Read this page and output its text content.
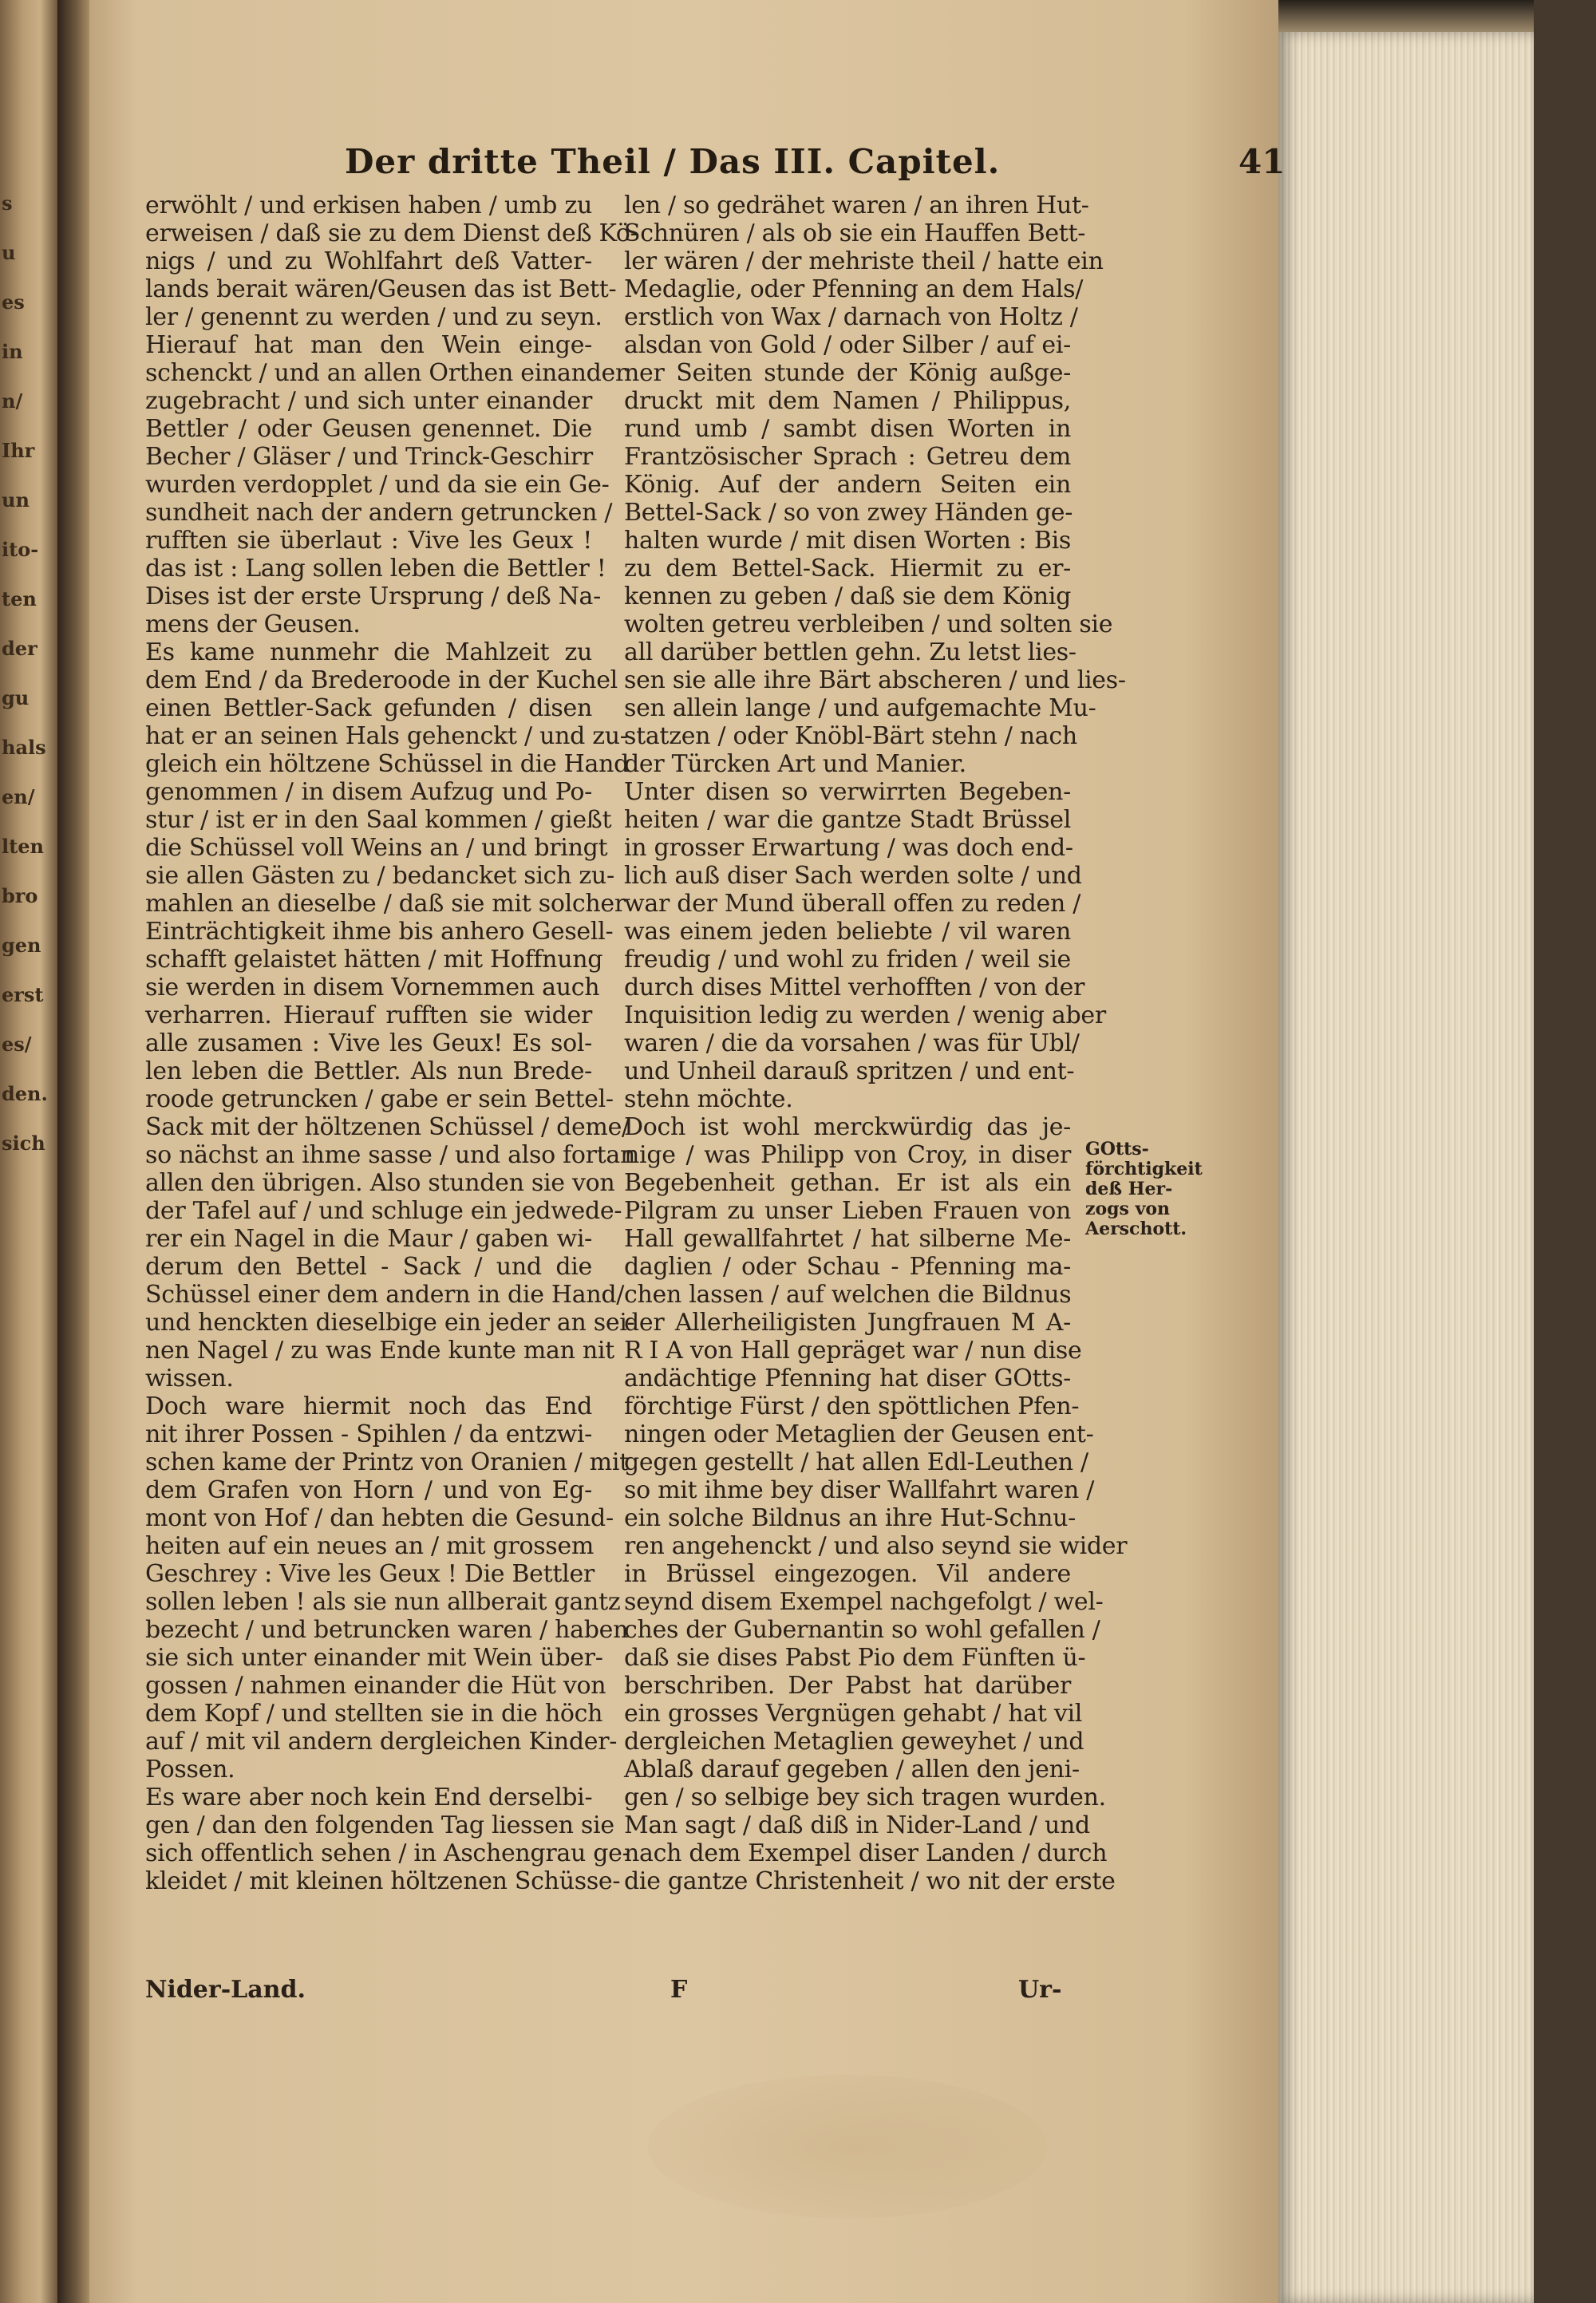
s
u
es
in
n/
Ihr
un
ito-
ten
der
gu
hals
en/
lten
bro
gen
erst
es/
den.
sich
Der dritte Theil / Das III. Capitel.	41
erwöhlt / und erkisen haben / umb zu
erweisen / daß sie zu dem Dienst deß Kö-
nigs / und zu Wohlfahrt deß Vatter-
lands berait wären/Geusen das ist Bett-
ler / genennt zu werden / und zu seyn.
Hierauf hat man den Wein einge-
schenckt / und an allen Orthen einander
zugebracht / und sich unter einander
Bettler / oder Geusen genennet. Die
Becher / Gläser / und Trinck-Geschirr
wurden verdopplet / und da sie ein Ge-
sundheit nach der andern getruncken /
rufften sie überlaut : Vive les Geux !
das ist : Lang sollen leben die Bettler !
Dises ist der erste Ursprung / deß Na-
mens der Geusen.
Es kame nunmehr die Mahlzeit zu
dem End / da Brederoode in der Kuchel
einen Bettler-Sack gefunden / disen
hat er an seinen Hals gehenckt / und zu-
gleich ein höltzene Schüssel in die Hand
genommen / in disem Aufzug und Po-
stur / ist er in den Saal kommen / gießt
die Schüssel voll Weins an / und bringt
sie allen Gästen zu / bedancket sich zu-
mahlen an dieselbe / daß sie mit solcher
Einträchtigkeit ihme bis anhero Gesell-
schafft gelaistet hätten / mit Hoffnung
sie werden in disem Vornemmen auch
verharren. Hierauf rufften sie wider
alle zusamen : Vive les Geux! Es sol-
len leben die Bettler. Als nun Brede-
roode getruncken / gabe er sein Bettel-
Sack mit der höltzenen Schüssel / deme/
so nächst an ihme sasse / und also fortan
allen den übrigen. Also stunden sie von
der Tafel auf / und schluge ein jedwede-
rer ein Nagel in die Maur / gaben wi-
derum den Bettel - Sack / und die
Schüssel einer dem andern in die Hand/
und henckten dieselbige ein jeder an sei-
nen Nagel / zu was Ende kunte man nit
wissen.
Doch ware hiermit noch das End
nit ihrer Possen - Spihlen / da entzwi-
schen kame der Printz von Oranien / mit
dem Grafen von Horn / und von Eg-
mont von Hof / dan hebten die Gesund-
heiten auf ein neues an / mit grossem
Geschrey : Vive les Geux ! Die Bettler
sollen leben ! als sie nun allberait gantz
bezecht / und betruncken waren / haben
sie sich unter einander mit Wein über-
gossen / nahmen einander die Hüt von
dem Kopf / und stellten sie in die höch
auf / mit vil andern dergleichen Kinder-
Possen.
Es ware aber noch kein End derselbi-
gen / dan den folgenden Tag liessen sie
sich offentlich sehen / in Aschengrau ge-
kleidet / mit kleinen höltzenen Schüsse-
len / so gedrähet waren / an ihren Hut-
Schnüren / als ob sie ein Hauffen Bett-
ler wären / der mehriste theil / hatte ein
Medaglie, oder Pfenning an dem Hals/
erstlich von Wax / darnach von Holtz /
alsdan von Gold / oder Silber / auf ei-
ner Seiten stunde der König außge-
druckt mit dem Namen / Philippus,
rund umb / sambt disen Worten in
Frantzösischer Sprach : Getreu dem
König. Auf der andern Seiten ein
Bettel-Sack / so von zwey Händen ge-
halten wurde / mit disen Worten : Bis
zu dem Bettel-Sack. Hiermit zu er-
kennen zu geben / daß sie dem König
wolten getreu verbleiben / und solten sie
all darüber bettlen gehn. Zu letst lies-
sen sie alle ihre Bärt abscheren / und lies-
sen allein lange / und aufgemachte Mu-
statzen / oder Knöbl-Bärt stehn / nach
der Türcken Art und Manier.
Unter disen so verwirrten Begeben-
heiten / war die gantze Stadt Brüssel
in grosser Erwartung / was doch end-
lich auß diser Sach werden solte / und
war der Mund überall offen zu reden /
was einem jeden beliebte / vil waren
freudig / und wohl zu friden / weil sie
durch dises Mittel verhofften / von der
Inquisition ledig zu werden / wenig aber
waren / die da vorsahen / was für Ubl/
und Unheil darauß spritzen / und ent-
stehn möchte.
Doch ist wohl merckwürdig das je-
nige / was Philipp von Croy, in diser
Begebenheit gethan. Er ist als ein
Pilgram zu unser Lieben Frauen von
Hall gewallfahrtet / hat silberne Me-
daglien / oder Schau - Pfenning ma-
chen lassen / auf welchen die Bildnus
der Allerheiligisten Jungfrauen M A-
R I A von Hall gepräget war / nun dise
andächtige Pfenning hat diser GOtts-
förchtige Fürst / den spöttlichen Pfen-
ningen oder Metaglien der Geusen ent-
gegen gestellt / hat allen Edl-Leuthen /
so mit ihme bey diser Wallfahrt waren /
ein solche Bildnus an ihre Hut-Schnu-
ren angehenckt / und also seynd sie wider
in Brüssel eingezogen. Vil andere
seynd disem Exempel nachgefolgt / wel-
ches der Gubernantin so wohl gefallen /
daß sie dises Pabst Pio dem Fünften ü-
berschriben. Der Pabst hat darüber
ein grosses Vergnügen gehabt / hat vil
dergleichen Metaglien geweyhet / und
Ablaß darauf gegeben / allen den jeni-
gen / so selbige bey sich tragen wurden.
Man sagt / daß diß in Nider-Land / und
nach dem Exempel diser Landen / durch
die gantze Christenheit / wo nit der erste
GOtts-
förchtigkeit
deß Her-
zogs von
Aerschott.
Nider-Land.	F	Ur-
